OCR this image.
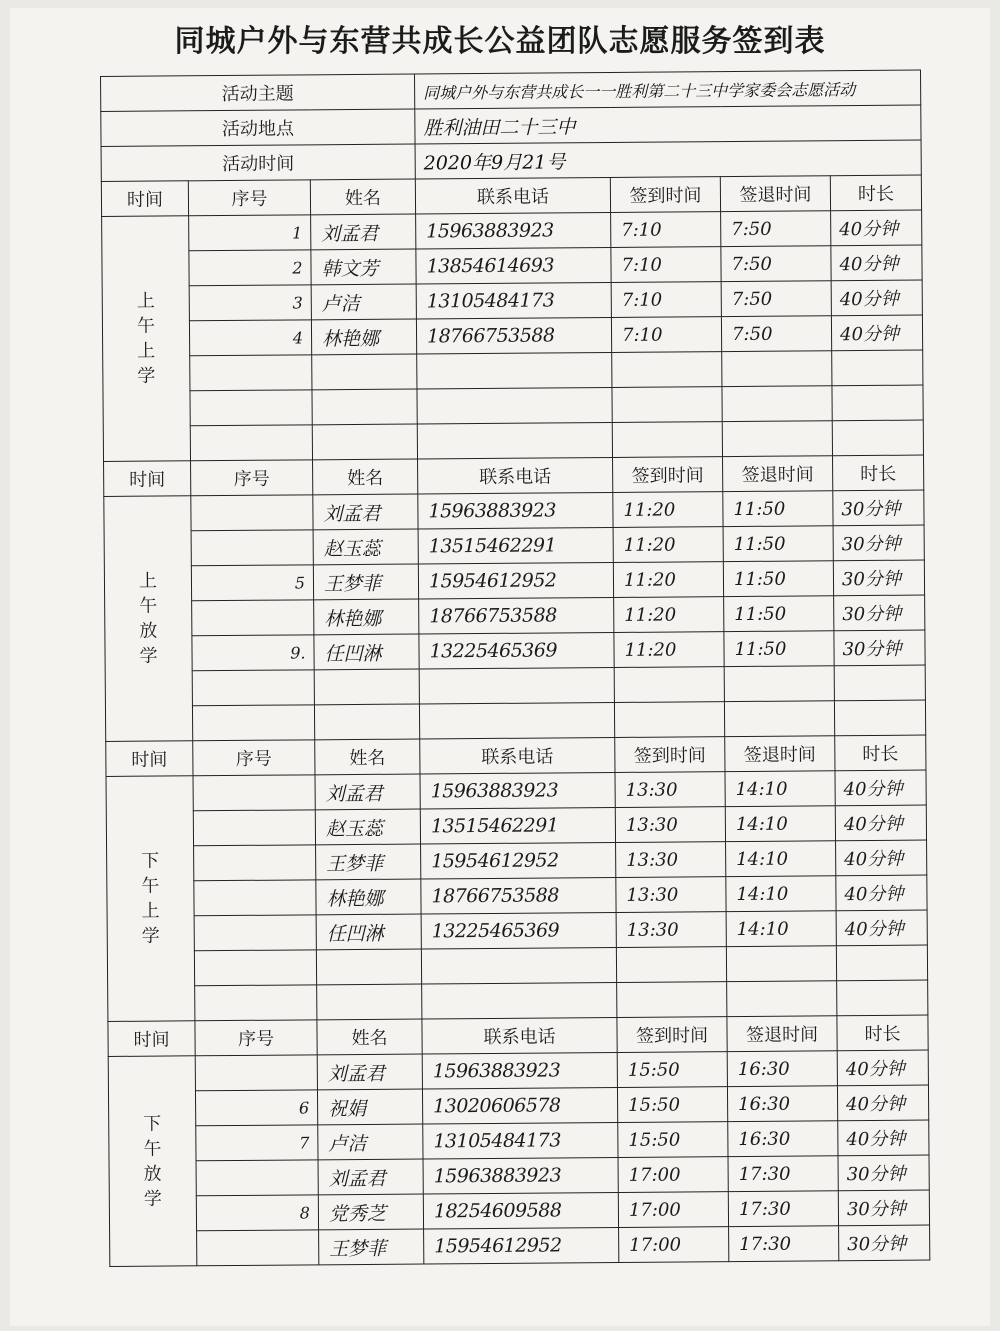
同城户外与东营共成长公益团队志愿服务签到表
活动主题			同城户外与东营共成长一一胜利第二十三中学家委会志愿活动			
活动地点			胜利油田二十三中			
活动时间			2020年9月21号			
时间	序号	姓名	联系电话	签到时间	签退时间	时长
上午上学	1	刘孟君	15963883923	7:10	7:50	40分钟
	2	韩文芳	13854614693	7:10	7:50	40分钟
	3	卢洁	13105484173	7:10	7:50	40分钟
	4	林艳娜	18766753588	7:10	7:50	40分钟

时间	序号	姓名	联系电话	签到时间	签退时间	时长
上午放学		刘孟君	15963883923	11:20	11:50	30分钟
		赵玉蕊	13515462291	11:20	11:50	30分钟
	5	王梦菲	15954612952	11:20	11:50	30分钟
		林艳娜	18766753588	11:20	11:50	30分钟
	9.	任凹淋	13225465369	11:20	11:50	30分钟

时间	序号	姓名	联系电话	签到时间	签退时间	时长
下午上学		刘孟君	15963883923	13:30	14:10	40分钟
		赵玉蕊	13515462291	13:30	14:10	40分钟
		王梦菲	15954612952	13:30	14:10	40分钟
		林艳娜	18766753588	13:30	14:10	40分钟
		任凹淋	13225465369	13:30	14:10	40分钟

时间	序号	姓名	联系电话	签到时间	签退时间	时长
下午放学		刘孟君	15963883923	15:50	16:30	40分钟
	6	祝娟	13020606578	15:50	16:30	40分钟
	7	卢洁	13105484173	15:50	16:30	40分钟
		刘孟君	15963883923	17:00	17:30	30分钟
	8	党秀芝	18254609588	17:00	17:30	30分钟
		王梦菲	15954612952	17:00	17:30	30分钟
